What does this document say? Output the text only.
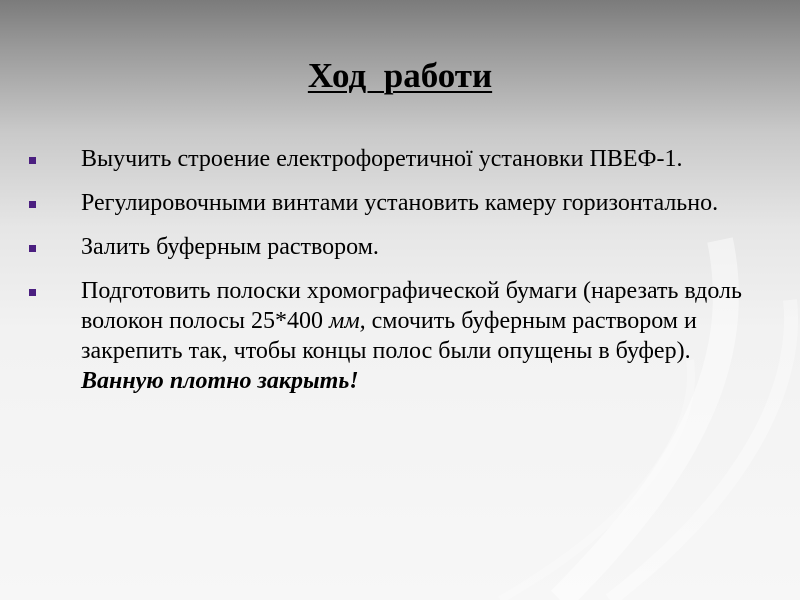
Ход  работи
Выучить строение електрофоретичної установки ПВЕФ-1.
Регулировочными винтами установить камеру горизонтально.
Залить буферным раствором.
Подготовить полоски хромографической бумаги (нарезать вдоль волокон полосы 25*400 мм, смочить буферным раствором и закрепить так, чтобы концы полос были опущены в буфер). Ванную плотно закрыть!
